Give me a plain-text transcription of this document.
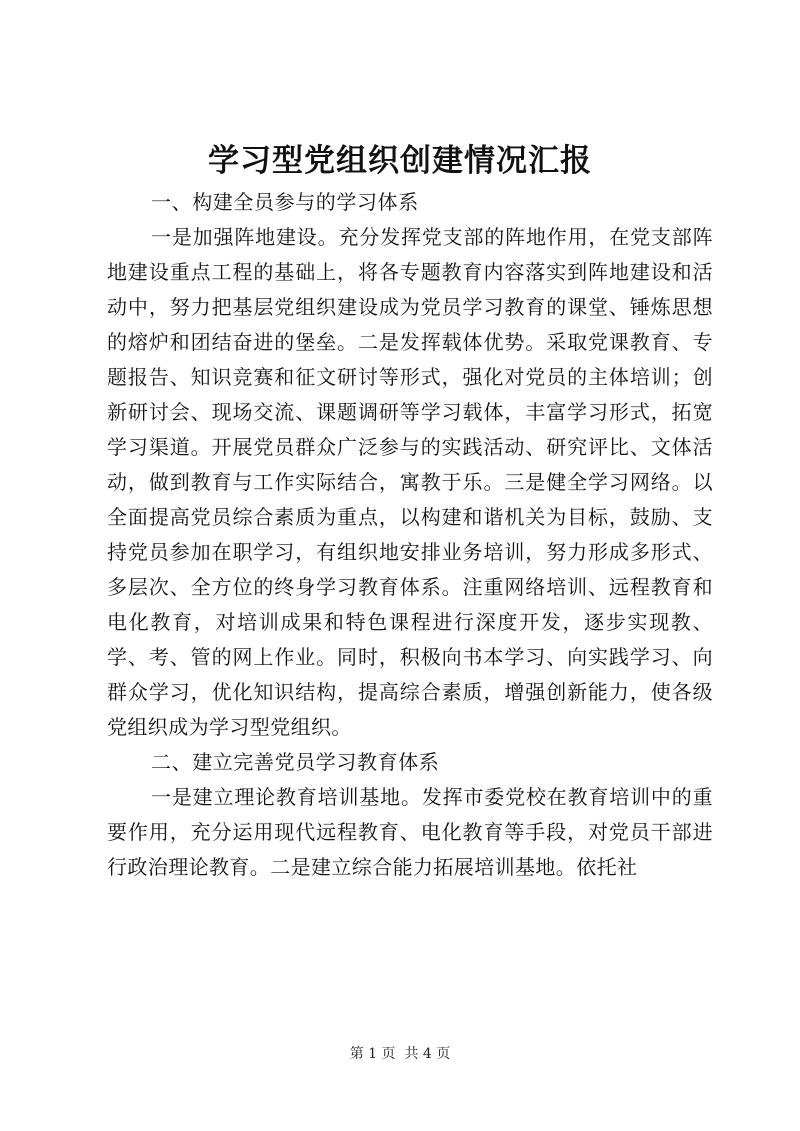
学习型党组织创建情况汇报

一、构建全员参与的学习体系

一是加强阵地建设。充分发挥党支部的阵地作用，在党支部阵地建设重点工程的基础上，将各专题教育内容落实到阵地建设和活动中，努力把基层党组织建设成为党员学习教育的课堂、锤炼思想的熔炉和团结奋进的堡垒。二是发挥载体优势。采取党课教育、专题报告、知识竞赛和征文研讨等形式，强化对党员的主体培训；创新研讨会、现场交流、课题调研等学习载体，丰富学习形式，拓宽学习渠道。开展党员群众广泛参与的实践活动、研究评比、文体活动，做到教育与工作实际结合，寓教于乐。三是健全学习网络。以全面提高党员综合素质为重点，以构建和谐机关为目标，鼓励、支持党员参加在职学习，有组织地安排业务培训，努力形成多形式、多层次、全方位的终身学习教育体系。注重网络培训、远程教育和电化教育，对培训成果和特色课程进行深度开发，逐步实现教、学、考、管的网上作业。同时，积极向书本学习、向实践学习、向群众学习，优化知识结构，提高综合素质，增强创新能力，使各级党组织成为学习型党组织。

二、建立完善党员学习教育体系

一是建立理论教育培训基地。发挥市委党校在教育培训中的重要作用，充分运用现代远程教育、电化教育等手段，对党员干部进行政治理论教育。二是建立综合能力拓展培训基地。依托社

第 1 页  共 4 页
